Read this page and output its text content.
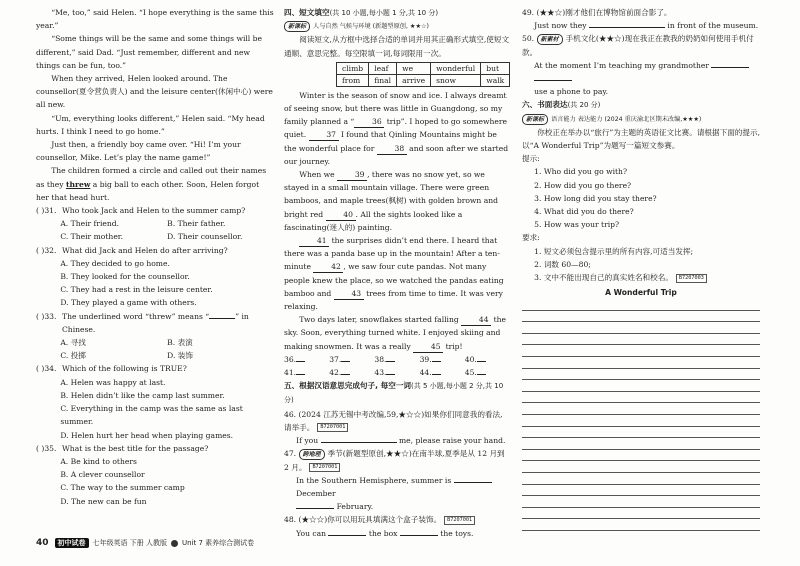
“Me, too,” said Helen. “I hope everything is the same this year.”

“Some things will be the same and some things will be different,” said Dad. “Just remember, different and new things can be fun, too.”

When they arrived, Helen looked around. The counsellor(夏令营负责人) and the leisure center(休闲中心) were all new.

“Um, everything looks different,” Helen said. “My head hurts. I think I need to go home.”

Just then, a friendly boy came over. “Hi! I’m your counsellor, Mike. Let’s play the name game!”

The children formed a circle and called out their names as they threw a big ball to each other. Soon, Helen forgot her that head hurt.

( )31. Who took Jack and Helen to the summer camp?
A. Their friend.	B. Their father.
C. Their mother.	D. Their counsellor.
( )32. What did Jack and Helen do after arriving?

A. They decided to go home.

B. They looked for the counsellor.

C. They had a rest in the leisure center.

D. They played a game with others.

( )33. The underlined word “threw” means “	” in Chinese.
A. 寻找	B. 表演
C. 投掷	D. 装饰
( )34. Which of the following is TRUE?

A. Helen was happy at last.

B. Helen didn’t like the camp last summer.

C. Everything in the camp was the same as last summer.

D. Helen hurt her head when playing games.

( )35. What is the best title for the passage?

A. Be kind to others

B. A clever counsellor

C. The way to the summer camp

D. The new can be fun

四、短文填空(共 10 小题,每小题 1 分,共 10 分)

新课标 人与自然 气候与环境 (新题型原创, ★★☆)

阅读短文,从方框中选择合适的单词并用其正确形式填空,使短文通顺、意思完整。每空限填一词,每词限用一次。

climb	leaf	we	wonderful	but
from	final	arrive	snow	walk

Winter is the season of snow and ice. I always dreamt of seeing snow, but there was little in Guangdong, so my family planned a “ 36 trip”. I hoped to go somewhere quiet. 37 I found that Qinling Mountains might be the wonderful place for 38 and soon after we started our journey.

When we 39 , there was no snow yet, so we stayed in a small mountain village. There were green bamboos, and maple trees(枫树) with golden brown and bright red 40 . All the sights looked like a fascinating(迷人的) painting.

41 the surprises didn’t end there. I heard that there was a panda base up in the mountain! After a ten-minute 42 , we saw four cute pandas. Not many people knew the place, so we watched the pandas eating bamboo and 43 trees from time to time. It was very relaxing.

Two days later, snowflakes started falling 44 the sky. Soon, everything turned white. I enjoyed skiing and making snowmen. It was a really 45 trip!

36.	37.	38.	39.	40.
41.	42.	43.	44.	45.

五、根据汉语意思完成句子, 每空一词(共 5 小题,每小题 2 分,共 10 分)

46. (2024 江苏无锡中考改编,59,★☆☆)如果你们同意我的看法,请举手。 B7207001

If you	me, please raise your hand.

47. 跨地理 季节(新题型原创,★★☆)在南半球,夏季是从 12 月到 2 月。 B7207001

In the Southern Hemisphere, summer is  December

February.

48. (★☆☆)你可以用玩具填满这个盒子装饰。 B7207001

You can	the box	the toys.

49. (★★☆)刚才他们在博物馆前面合影了。

Just now they	in front of the museum.

50. 新素材 手机文化(★★☆)现在我正在教我的奶奶如何使用手机付款。

At the moment I’m teaching my grandmother

use a phone to pay.

六、书面表达(共 20 分)

新课标 语言能力 表达能力 (2024 重庆渝北区期末改编,★★★)

你校正在举办以“旅行”为主题的英语征文比赛。请根据下面的提示,以“A Wonderful Trip”为题写一篇短文参赛。

提示:

1. Who did you go with?

2. How did you go there?

3. How long did you stay there?

4. What did you do there?

5. How was your trip?

要求:

1. 短文必须包含提示里的所有内容,可适当发挥;

2. 词数 60—80;

3. 文中不能出现自己的真实姓名和校名。 B7207003

A Wonderful Trip

40	初中试卷	七年级英语 下册 人教版 Unit 7 素养综合测试卷
